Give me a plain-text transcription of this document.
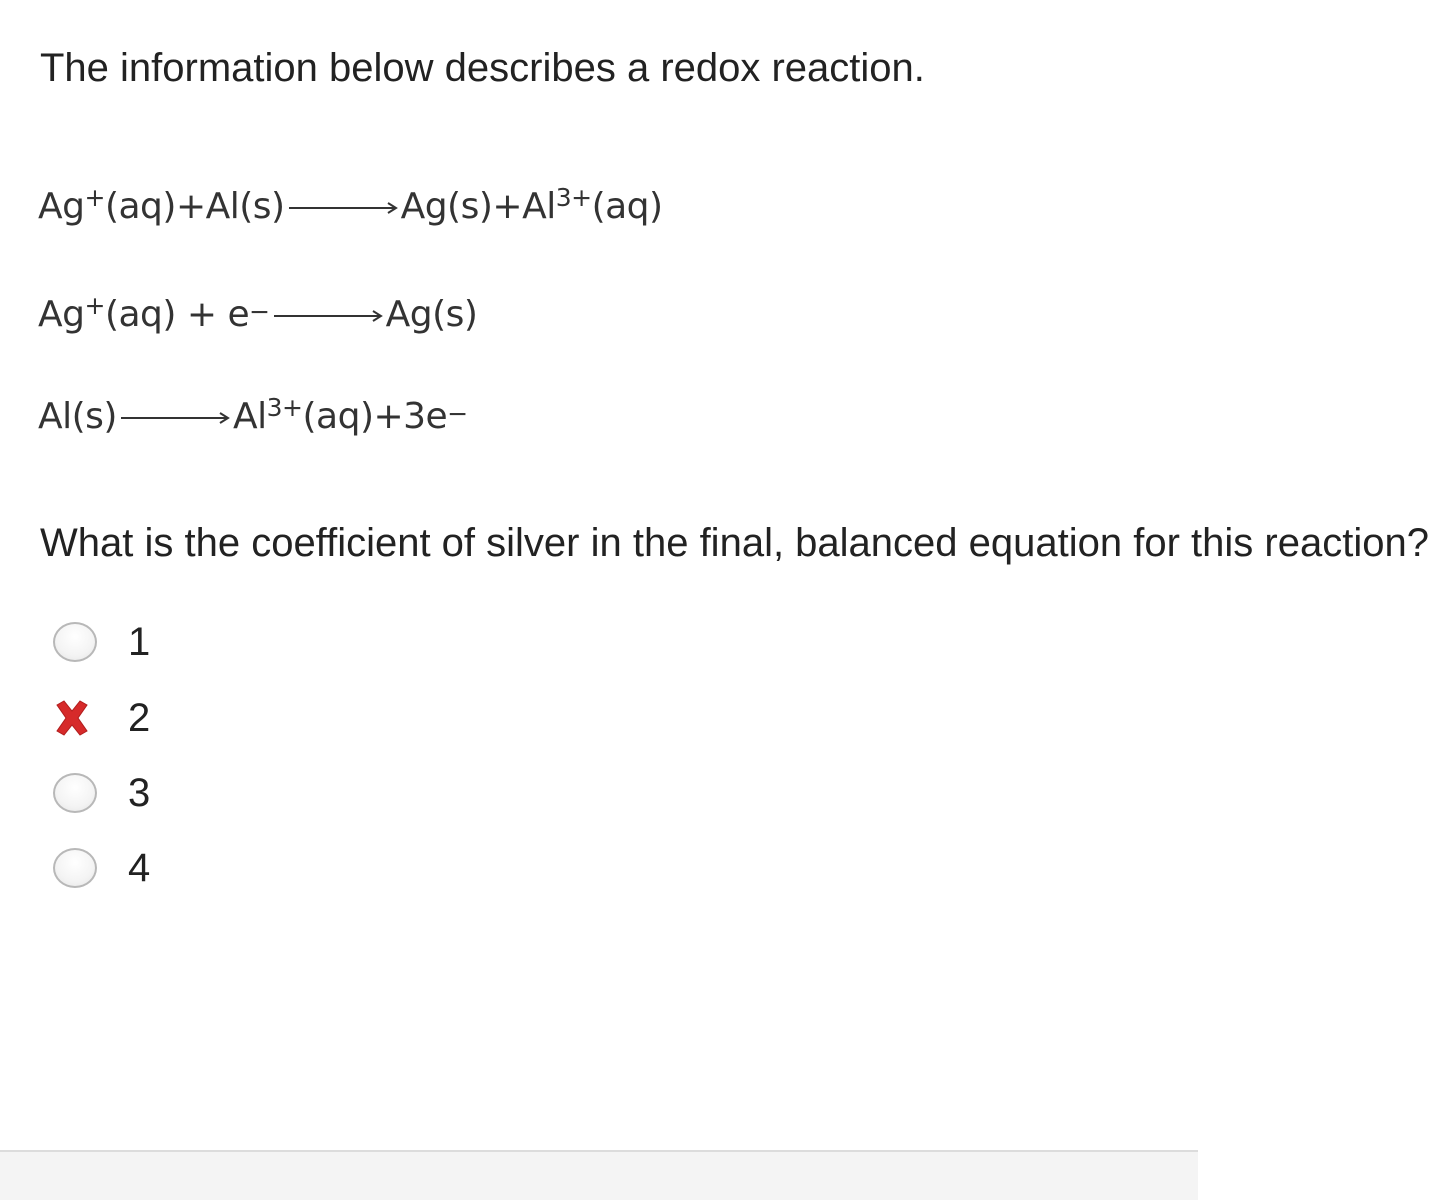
The information below describes a redox reaction.
$Ag^+(aq)+Al(s) \to Ag(s)+Al^{3+}(aq)$
Ag+(aq) + e− → Ag(s)
$Al(s) \to Al^{3+}(aq)+3e^-$
What is the coefficient of silver in the final, balanced equation for this reaction?
1
2
3
4
